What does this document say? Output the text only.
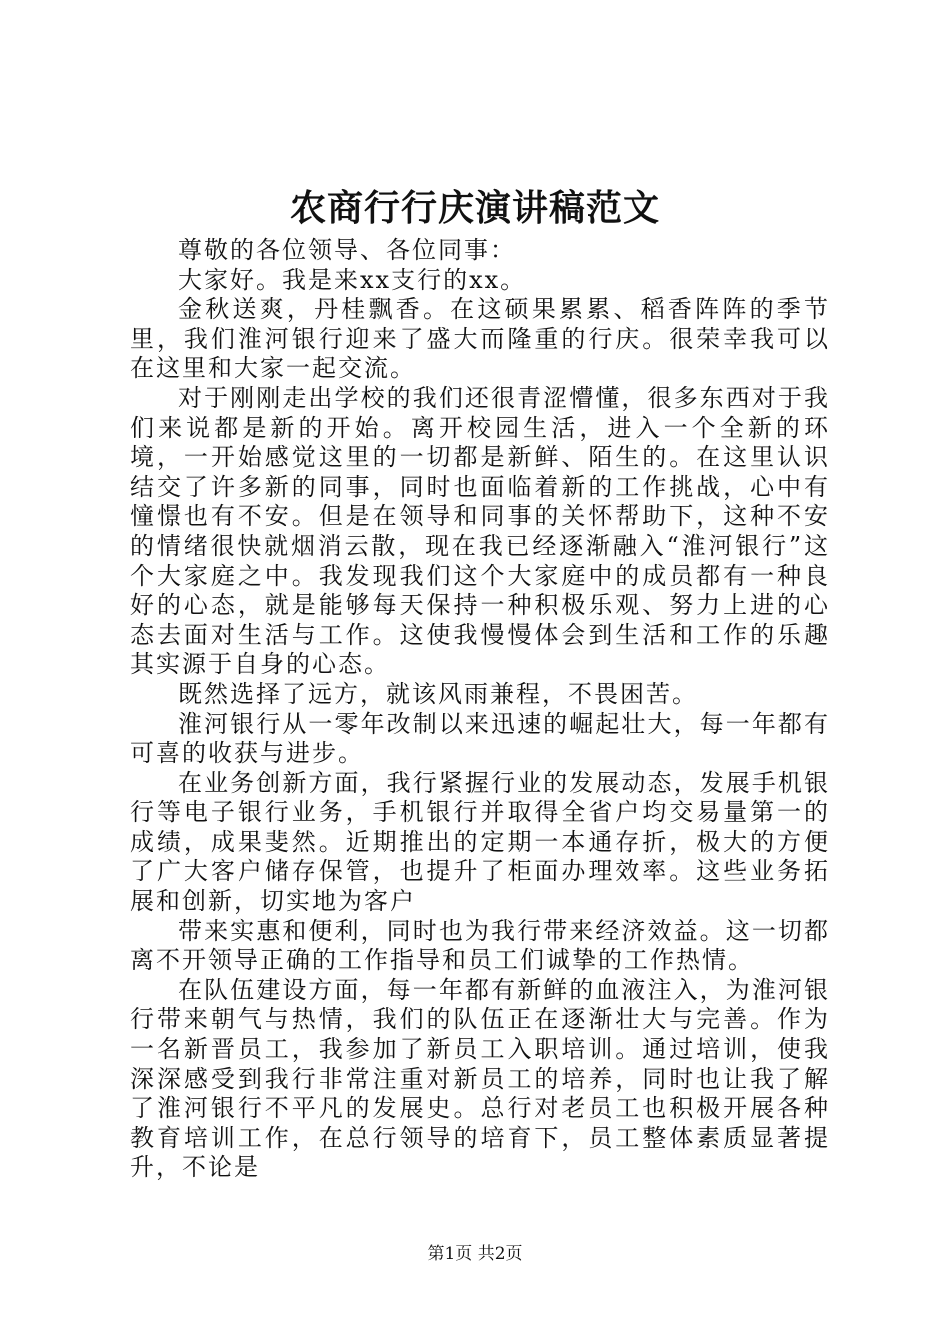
农商行行庆演讲稿范文

尊敬的各位领导、各位同事：

大家好。我是来xx支行的xx。

金秋送爽，丹桂飘香。在这硕果累累、稻香阵阵的季节里，我们淮河银行迎来了盛大而隆重的行庆。很荣幸我可以在这里和大家一起交流。

对于刚刚走出学校的我们还很青涩懵懂，很多东西对于我们来说都是新的开始。离开校园生活，进入一个全新的环境，一开始感觉这里的一切都是新鲜、陌生的。在这里认识结交了许多新的同事，同时也面临着新的工作挑战，心中有憧憬也有不安。但是在领导和同事的关怀帮助下，这种不安的情绪很快就烟消云散，现在我已经逐渐融入“淮河银行”这个大家庭之中。我发现我们这个大家庭中的成员都有一种良好的心态，就是能够每天保持一种积极乐观、努力上进的心态去面对生活与工作。这使我慢慢体会到生活和工作的乐趣其实源于自身的心态。

既然选择了远方，就该风雨兼程，不畏困苦。

淮河银行从一零年改制以来迅速的崛起壮大，每一年都有可喜的收获与进步。

在业务创新方面，我行紧握行业的发展动态，发展手机银行等电子银行业务，手机银行并取得全省户均交易量第一的成绩，成果斐然。近期推出的定期一本通存折，极大的方便了广大客户储存保管，也提升了柜面办理效率。这些业务拓展和创新，切实地为客户

带来实惠和便利，同时也为我行带来经济效益。这一切都离不开领导正确的工作指导和员工们诚挚的工作热情。

在队伍建设方面，每一年都有新鲜的血液注入，为淮河银行带来朝气与热情，我们的队伍正在逐渐壮大与完善。作为一名新晋员工，我参加了新员工入职培训。通过培训，使我深深感受到我行非常注重对新员工的培养，同时也让我了解了淮河银行不平凡的发展史。总行对老员工也积极开展各种教育培训工作，在总行领导的培育下，员工整体素质显著提升，不论是

第1页 共2页
